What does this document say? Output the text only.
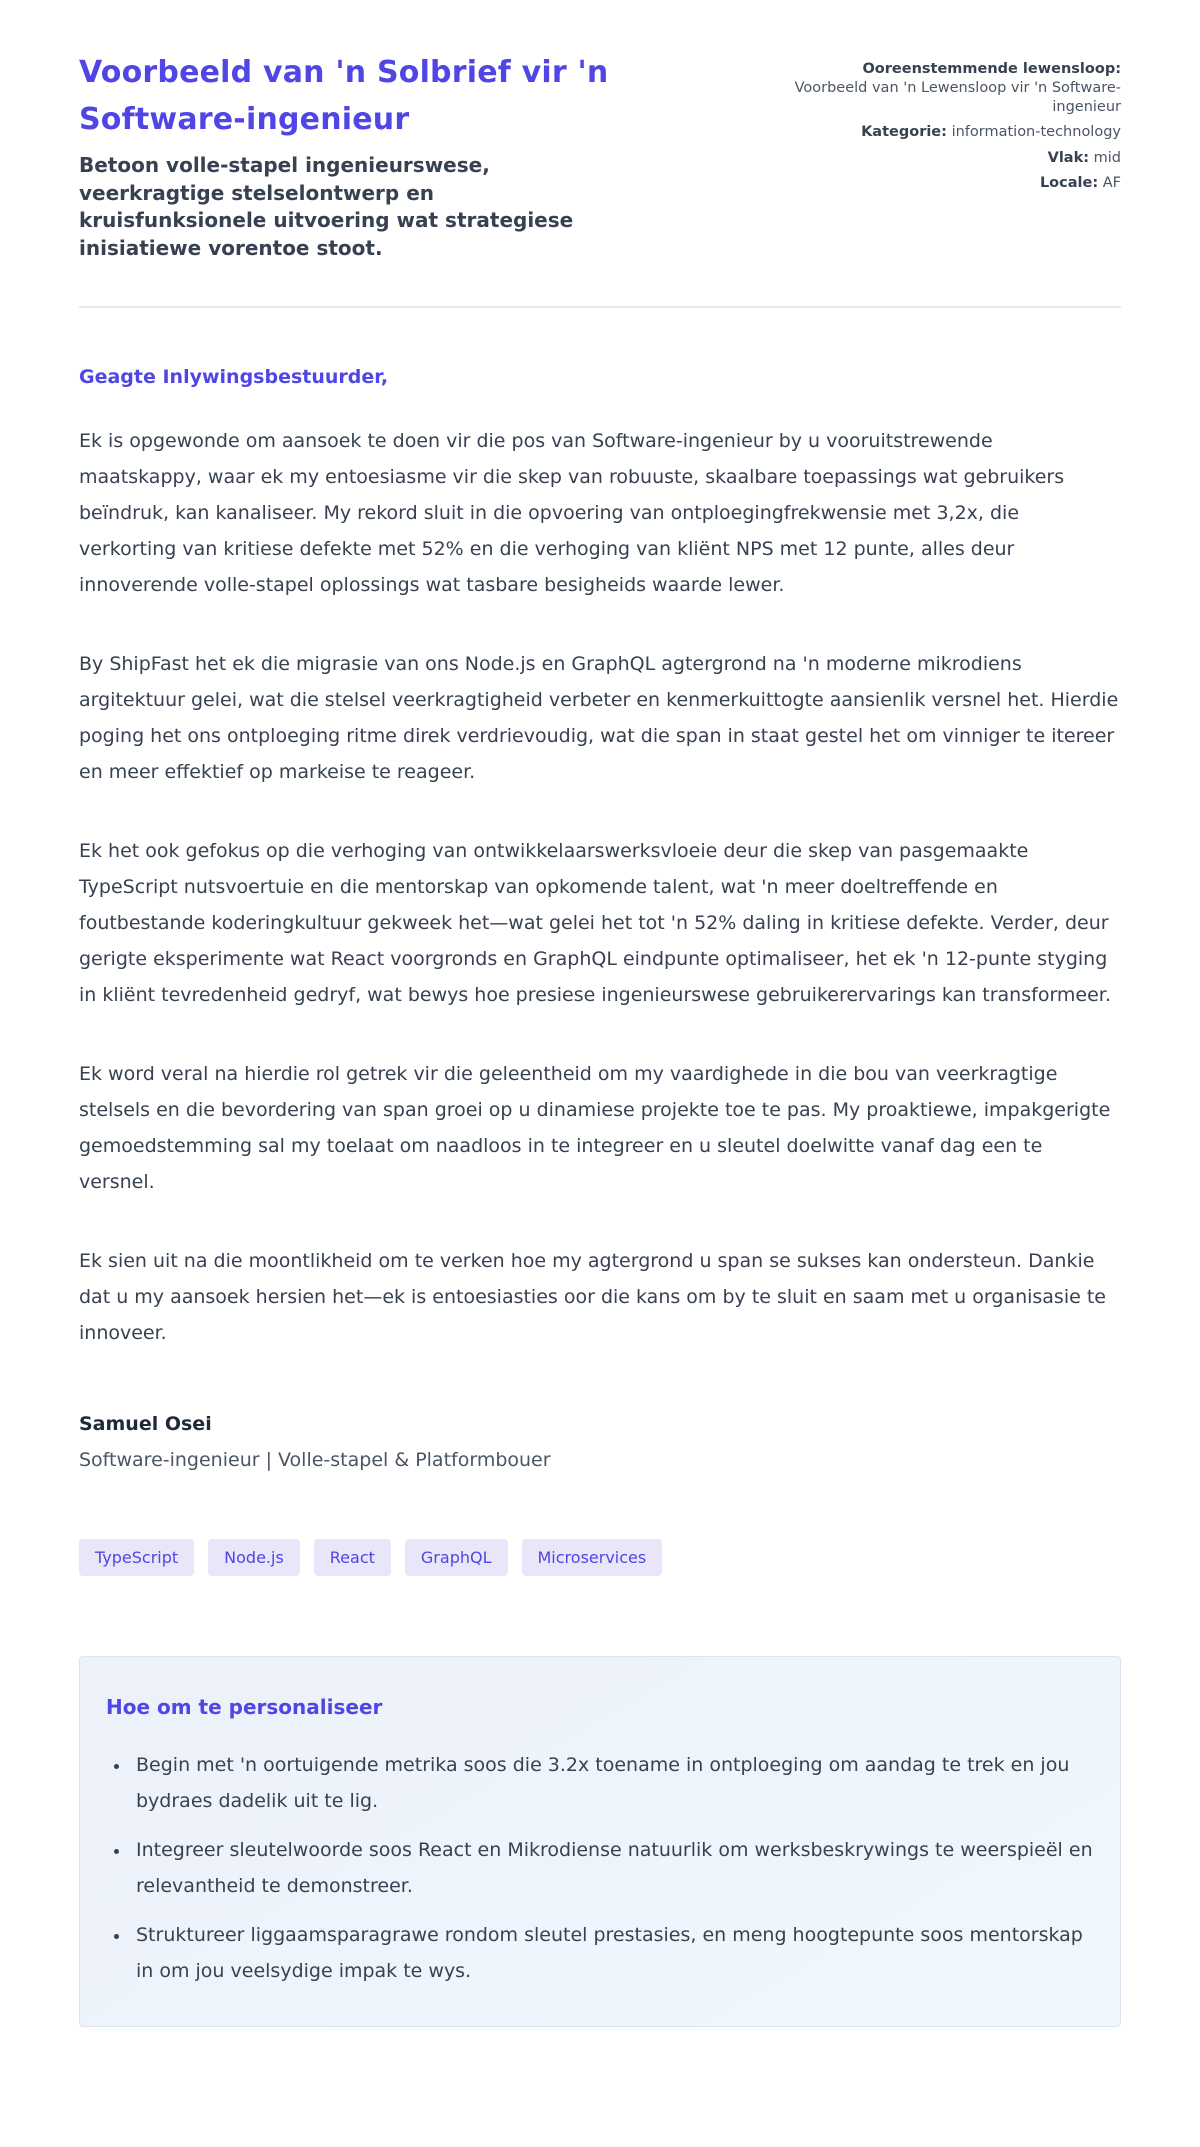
Voorbeeld van 'n Solbrief vir 'n Software-ingenieur
Betoon volle-stapel ingenieurswese, veerkragtige stelselontwerp en kruisfunksionele uitvoering wat strategiese inisiatiewe vorentoe stoot.
Ooreenstemmende lewensloop: Voorbeeld van 'n Lewensloop vir 'n Software-ingenieur
Kategorie: information-technology
Vlak: mid
Locale: AF
Geagte Inlywingsbestuurder,

Ek is opgewonde om aansoek te doen vir die pos van Software-ingenieur by u vooruitstrewende maatskappy, waar ek my entoesiasme vir die skep van robuuste, skaalbare toepassings wat gebruikers beïndruk, kan kanaliseer. My rekord sluit in die opvoering van ontploegingfrekwensie met 3,2x, die verkorting van kritiese defekte met 52% en die verhoging van kliënt NPS met 12 punte, alles deur innoverende volle-stapel oplossings wat tasbare besigheids waarde lewer.

By ShipFast het ek die migrasie van ons Node.js en GraphQL agtergrond na 'n moderne mikrodiens argitektuur gelei, wat die stelsel veerkragtigheid verbeter en kenmerkuittogte aansienlik versnel het. Hierdie poging het ons ontploeging ritme direk verdrievoudig, wat die span in staat gestel het om vinniger te itereer en meer effektief op markeise te reageer.

Ek het ook gefokus op die verhoging van ontwikkelaarswerksvloeie deur die skep van pasgemaakte TypeScript nutsvoertuie en die mentorskap van opkomende talent, wat 'n meer doeltreffende en foutbestande koderingkultuur gekweek het—wat gelei het tot 'n 52% daling in kritiese defekte. Verder, deur gerigte eksperimente wat React voorgronds en GraphQL eindpunte optimaliseer, het ek 'n 12-punte styging in kliënt tevredenheid gedryf, wat bewys hoe presiese ingenieurswese gebruikerervarings kan transformeer.

Ek word veral na hierdie rol getrek vir die geleentheid om my vaardighede in die bou van veerkragtige stelsels en die bevordering van span groei op u dinamiese projekte toe te pas. My proaktiewe, impakgerigte gemoedstemming sal my toelaat om naadloos in te integreer en u sleutel doelwitte vanaf dag een te versnel.

Ek sien uit na die moontlikheid om te verken hoe my agtergrond u span se sukses kan ondersteun. Dankie dat u my aansoek hersien het—ek is entoesiasties oor die kans om by te sluit en saam met u organisasie te innoveer.

Samuel Osei
Software-ingenieur | Volle-stapel & Platformbouer
TypeScript	Node.js	React	GraphQL	Microservices
Hoe om te personaliseer
• Begin met 'n oortuigende metrika soos die 3.2x toename in ontploeging om aandag te trek en jou bydraes dadelik uit te lig.
• Integreer sleutelwoorde soos React en Mikrodiense natuurlik om werksbeskrywings te weerspieël en relevantheid te demonstreer.
• Struktureer liggaamsparagrawe rondom sleutel prestasies, en meng hoogtepunte soos mentorskap in om jou veelsydige impak te wys.
